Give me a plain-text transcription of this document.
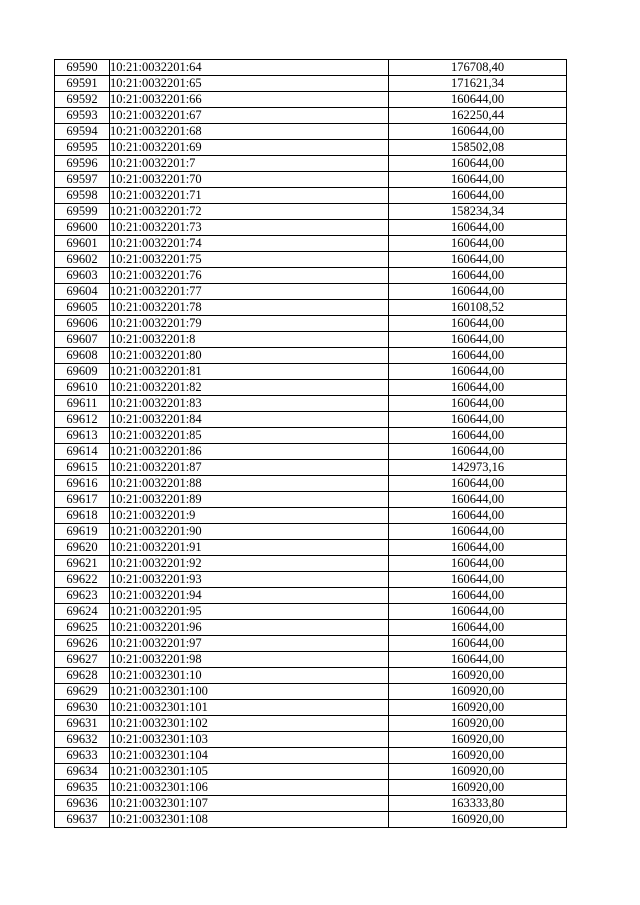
69590	10:21:0032201:64	176708,40
69591	10:21:0032201:65	171621,34
69592	10:21:0032201:66	160644,00
69593	10:21:0032201:67	162250,44
69594	10:21:0032201:68	160644,00
69595	10:21:0032201:69	158502,08
69596	10:21:0032201:7	160644,00
69597	10:21:0032201:70	160644,00
69598	10:21:0032201:71	160644,00
69599	10:21:0032201:72	158234,34
69600	10:21:0032201:73	160644,00
69601	10:21:0032201:74	160644,00
69602	10:21:0032201:75	160644,00
69603	10:21:0032201:76	160644,00
69604	10:21:0032201:77	160644,00
69605	10:21:0032201:78	160108,52
69606	10:21:0032201:79	160644,00
69607	10:21:0032201:8	160644,00
69608	10:21:0032201:80	160644,00
69609	10:21:0032201:81	160644,00
69610	10:21:0032201:82	160644,00
69611	10:21:0032201:83	160644,00
69612	10:21:0032201:84	160644,00
69613	10:21:0032201:85	160644,00
69614	10:21:0032201:86	160644,00
69615	10:21:0032201:87	142973,16
69616	10:21:0032201:88	160644,00
69617	10:21:0032201:89	160644,00
69618	10:21:0032201:9	160644,00
69619	10:21:0032201:90	160644,00
69620	10:21:0032201:91	160644,00
69621	10:21:0032201:92	160644,00
69622	10:21:0032201:93	160644,00
69623	10:21:0032201:94	160644,00
69624	10:21:0032201:95	160644,00
69625	10:21:0032201:96	160644,00
69626	10:21:0032201:97	160644,00
69627	10:21:0032201:98	160644,00
69628	10:21:0032301:10	160920,00
69629	10:21:0032301:100	160920,00
69630	10:21:0032301:101	160920,00
69631	10:21:0032301:102	160920,00
69632	10:21:0032301:103	160920,00
69633	10:21:0032301:104	160920,00
69634	10:21:0032301:105	160920,00
69635	10:21:0032301:106	160920,00
69636	10:21:0032301:107	163333,80
69637	10:21:0032301:108	160920,00
